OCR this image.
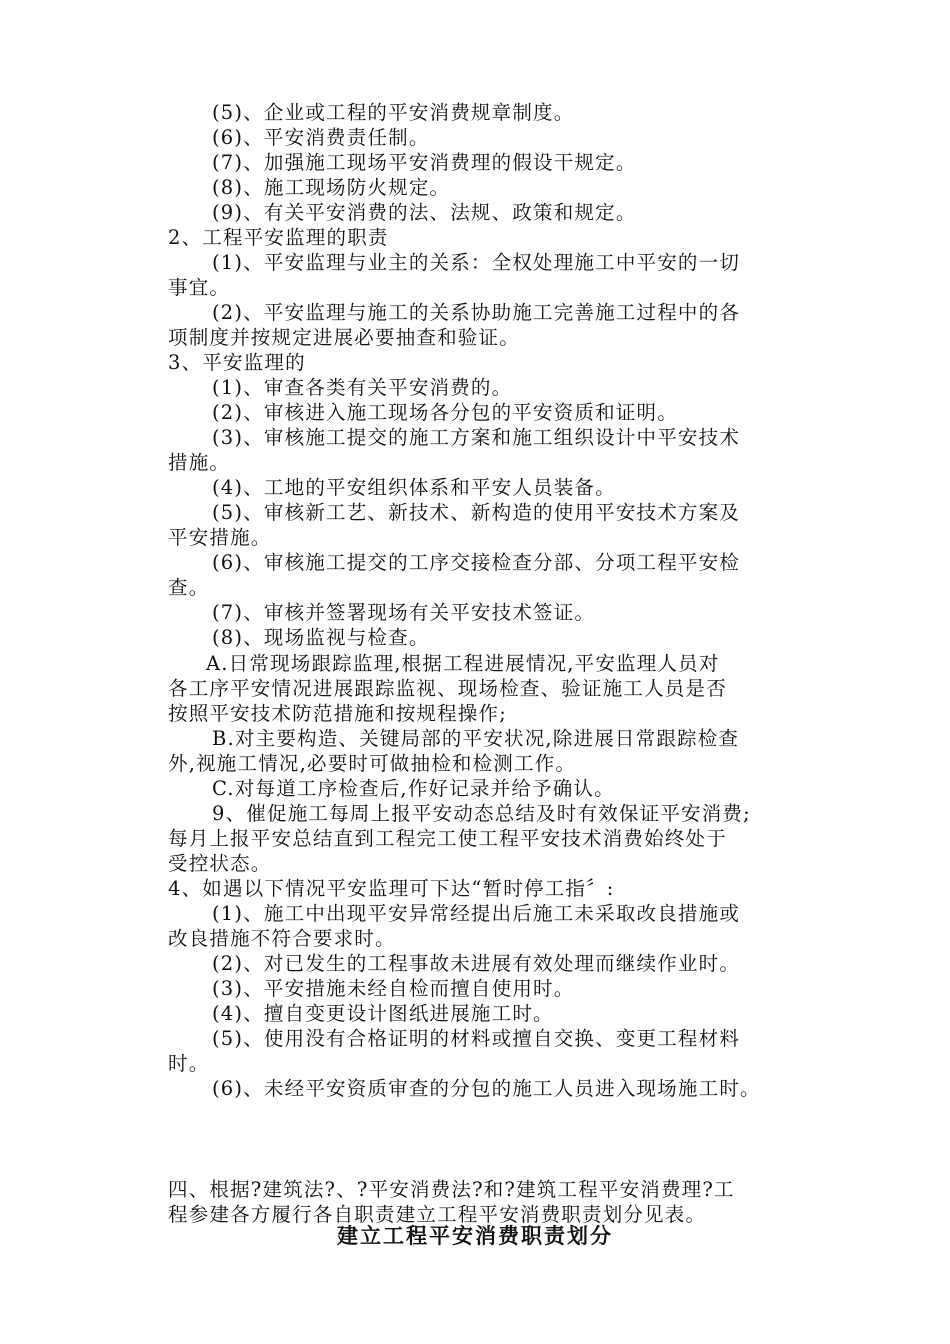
(5)、企业或工程的平安消费规章制度。
(6)、平安消费责任制。
(7)、加强施工现场平安消费理的假设干规定。
(8)、施工现场防火规定。
(9)、有关平安消费的法、法规、政策和规定。
2、工程平安监理的职责
(1)、平安监理与业主的关系：全权处理施工中平安的一切
事宜。
(2)、平安监理与施工的关系协助施工完善施工过程中的各
项制度并按规定进展必要抽查和验证。
3、平安监理的
(1)、审查各类有关平安消费的。
(2)、审核进入施工现场各分包的平安资质和证明。
(3)、审核施工提交的施工方案和施工组织设计中平安技术
措施。
(4)、工地的平安组织体系和平安人员装备。
(5)、审核新工艺、新技术、新构造的使用平安技术方案及
平安措施。
(6)、审核施工提交的工序交接检查分部、分项工程平安检
查。
(7)、审核并签署现场有关平安技术签证。
(8)、现场监视与检查。
A.日常现场跟踪监理,根据工程进展情况,平安监理人员对
各工序平安情况进展跟踪监视、现场检查、验证施工人员是否
按照平安技术防范措施和按规程操作;
B.对主要构造、关键局部的平安状况,除进展日常跟踪检查
外,视施工情况,必要时可做抽检和检测工作。
C.对每道工序检查后,作好记录并给予确认。
9、催促施工每周上报平安动态总结及时有效保证平安消费;
每月上报平安总结直到工程完工使工程平安技术消费始终处于
受控状态。
4、如遇以下情况平安监理可下达“暂时停工指〞:
(1)、施工中出现平安异常经提出后施工未采取改良措施或
改良措施不符合要求时。
(2)、对已发生的工程事故未进展有效处理而继续作业时。
(3)、平安措施未经自检而擅自使用时。
(4)、擅自变更设计图纸进展施工时。
(5)、使用没有合格证明的材料或擅自交换、变更工程材料
时。
(6)、未经平安资质审查的分包的施工人员进入现场施工时。
四、根据?建筑法?、?平安消费法?和?建筑工程平安消费理?工
程参建各方履行各自职责建立工程平安消费职责划分见表。
建立工程平安消费职责划分
